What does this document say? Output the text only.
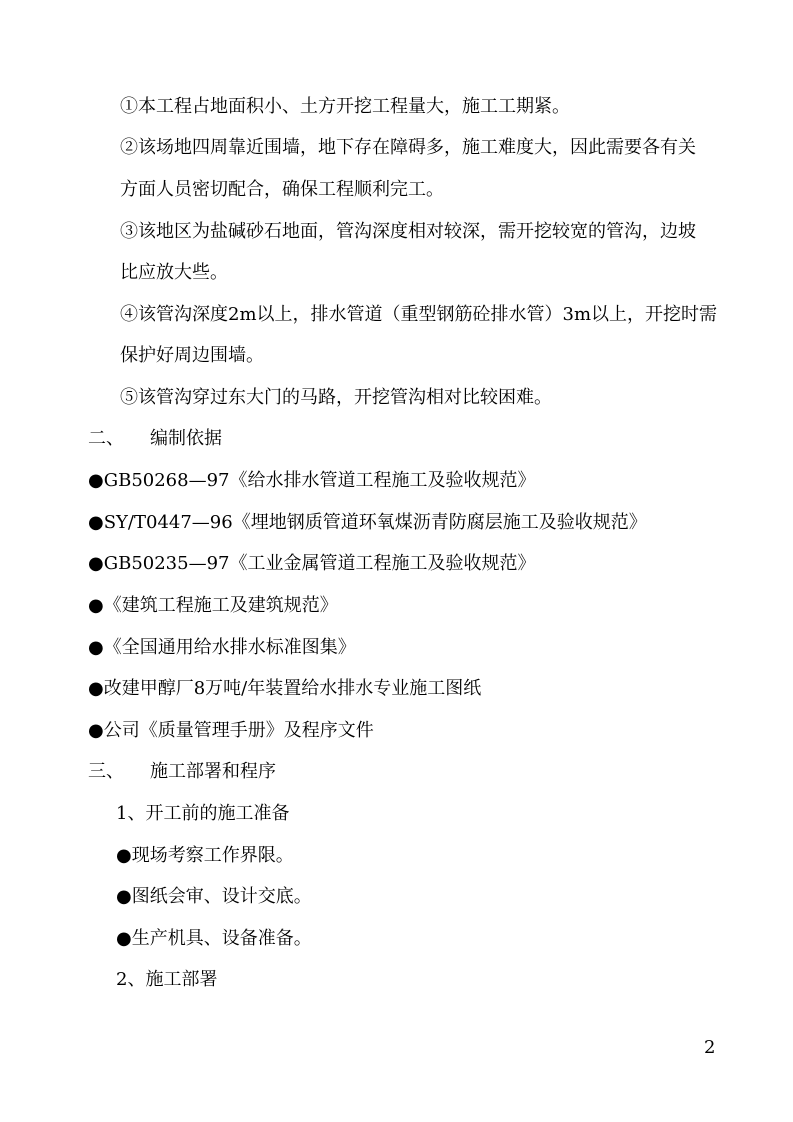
①本工程占地面积小、土方开挖工程量大，施工工期紧。
②该场地四周靠近围墙，地下存在障碍多，施工难度大，因此需要各有关
方面人员密切配合，确保工程顺利完工。
③该地区为盐碱砂石地面，管沟深度相对较深，需开挖较宽的管沟，边坡
比应放大些。
④该管沟深度2m以上，排水管道（重型钢筋砼排水管）3m以上，开挖时需
保护好周边围墙。
⑤该管沟穿过东大门的马路，开挖管沟相对比较困难。
二、 编制依据
●GB50268—97《给水排水管道工程施工及验收规范》
●SY/T0447—96《埋地钢质管道环氧煤沥青防腐层施工及验收规范》
●GB50235—97《工业金属管道工程施工及验收规范》
●《建筑工程施工及建筑规范》
●《全国通用给水排水标准图集》
●改建甲醇厂8万吨/年装置给水排水专业施工图纸
●公司《质量管理手册》及程序文件
三、 施工部署和程序
1、开工前的施工准备
●现场考察工作界限。
●图纸会审、设计交底。
●生产机具、设备准备。
2、施工部署
2
